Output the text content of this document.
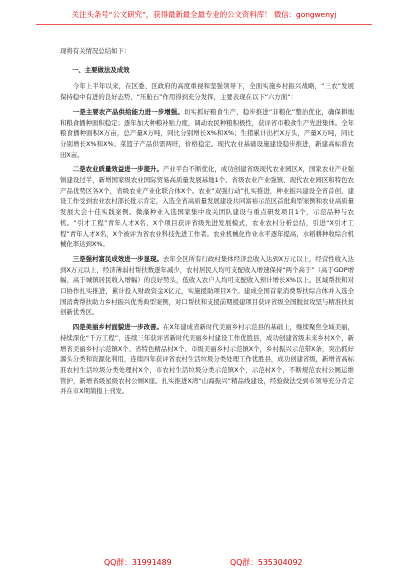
关注头条号“公文研究”，获得最新最全最专业的公文资料库！ 微信：gongwenyj

现将有关情况总结如下：

一、主要做法及成效

今年上半年以来，在区委、区政府的高度重视和坚强领导下，全面实施乡村振兴战略，“三农”发展保持稳中有进的良好态势，“压舱石”作用得到充分发挥，主要表现在以下“六方面”：

一是主要农产品供给能力进一步增强。切实抓好粮食生产，稳步推进“非粮化”整治优化，确保耕地和粮食播种面积稳定；逐年加大种粮补贴力度，调动农民种粮积极性，获评省市粮食生产先进集体。全年粮食播种面积X万亩，总产量X万吨，同比分别增长X%和X%；生猪累计出栏X万头，产量X万吨，同比分别增长X%和X%；菜篮子产品供需两旺，价格稳定。现代农业基础设施建设稳步推进，新建高标准农田X亩。

二是农业质量效益进一步提升。产业平台不断优化，成功创建省级现代农业园区X，国家农业产业强镇建设过半，新增国家级农业国际贸易高质量发展基地1个、省级农业产业强镇、现代农业园区和特色农产品优势区各X个，省级农业产业化联合体X个。农业“双强行动”扎实推进，种业振兴建设全省首创，建设工作受到农业农村部长批示肯定，入选全省高质量发展建设共同富裕示范区首批典型案例和农业高质量发展大会十佳实践案例。微藻种业入选国家集中攻关团队建设与重点研发项目1个，示范品种与农机。“引才工程”青年人才X名，X个项目获评省级先进发展模式，农业农村分析总结，引进“X引才工程”青年人才X名，X个被评为省农业科技先进工作者。农业机械化作业水平逐年提高，水稻耕种收综合机械化率达到X%。

三是强村富民成效进一步显现。去年全区所有行政村集体经济总收入达到X万元以上，经营性收入达到X万元以上，经济薄弱村帮扶数逐年减少，农村居民人均可支配收入增速保持“两个高于”（高于GDP增幅、高于城镇居民收入增幅）的良好势头，低收入农户人均可支配收入预计增长X%以上。区域帮扶和对口协作扎实推进，累计投入财政资金X亿元，实施援助项目X个。建成全国首家消费帮扶综合体并入选全国消费帮扶助力乡村振兴优秀典型案例，对口帮扶和支援前期援建项目获评省级全国脱贫攻坚与精准扶贫创新优秀区。

四是美丽乡村面貌进一步改善。在X年建成省新时代美丽乡村示范县的基础上，继续聚焦全域美丽，持续深化“千万工程”，连续三年获评省新时代美丽乡村建设工作优胜县，成功创建省级未来乡村X个，新增省美丽乡村示范镇X个、省特色精品村X个、市级美丽乡村示范镇X个，乡村振兴示范带X条，突出抓好源头分类和资源化利用，连续四年获评省农村生活垃圾分类处理工作优胜县，成功创建省级，新增省高标准农村生活垃圾分类处理村X个，市农村生活垃圾分类示范镇X个，示范村X个，不断规范农村公厕运维管护，新增省级星级农村公厕X座。扎实推进X湾“山海振兴”精品线建设，经验做法受到市领导充分肯定并在市X期简报上刊发。

QQ群：31991489	QQ群：535304092
